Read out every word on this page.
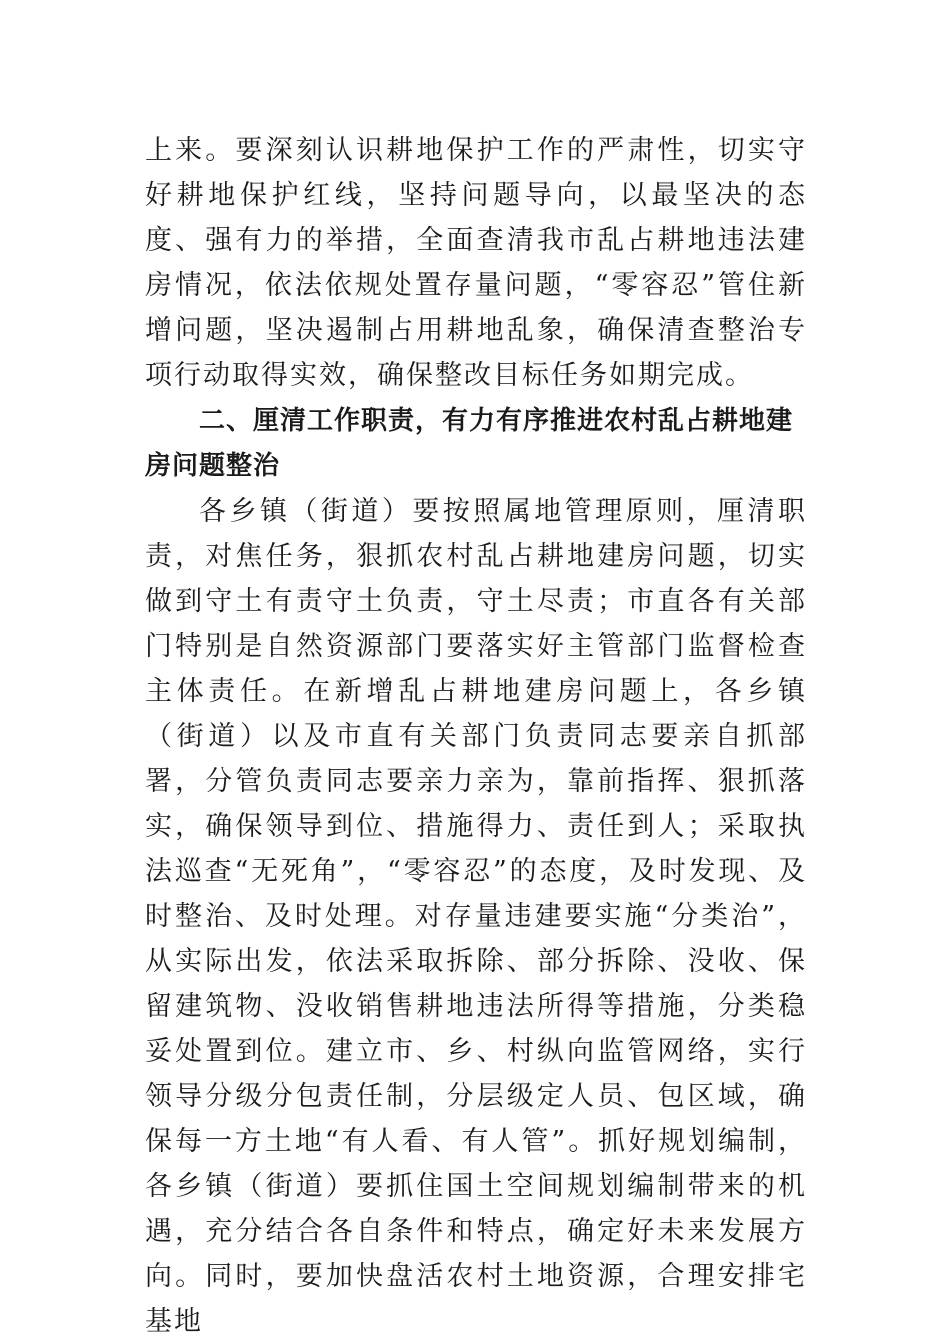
上来。要深刻认识耕地保护工作的严肃性，切实守好耕地保护红线，坚持问题导向，以最坚决的态度、强有力的举措，全面查清我市乱占耕地违法建房情况，依法依规处置存量问题，“零容忍”管住新增问题，坚决遏制占用耕地乱象，确保清查整治专项行动取得实效，确保整改目标任务如期完成。

二、厘清工作职责，有力有序推进农村乱占耕地建房问题整治

各乡镇（街道）要按照属地管理原则，厘清职责，对焦任务，狠抓农村乱占耕地建房问题，切实做到守土有责守土负责，守土尽责；市直各有关部门特别是自然资源部门要落实好主管部门监督检查主体责任。在新增乱占耕地建房问题上，各乡镇（街道）以及市直有关部门负责同志要亲自抓部署，分管负责同志要亲力亲为，靠前指挥、狠抓落实，确保领导到位、措施得力、责任到人；采取执法巡查“无死角”，“零容忍”的态度，及时发现、及时整治、及时处理。对存量违建要实施“分类治”，从实际出发，依法采取拆除、部分拆除、没收、保留建筑物、没收销售耕地违法所得等措施，分类稳妥处置到位。建立市、乡、村纵向监管网络，实行领导分级分包责任制，分层级定人员、包区域，确保每一方土地“有人看、有人管”。抓好规划编制，各乡镇（街道）要抓住国土空间规划编制带来的机遇，充分结合各自条件和特点，确定好未来发展方向。同时，要加快盘活农村土地资源，合理安排宅基地
